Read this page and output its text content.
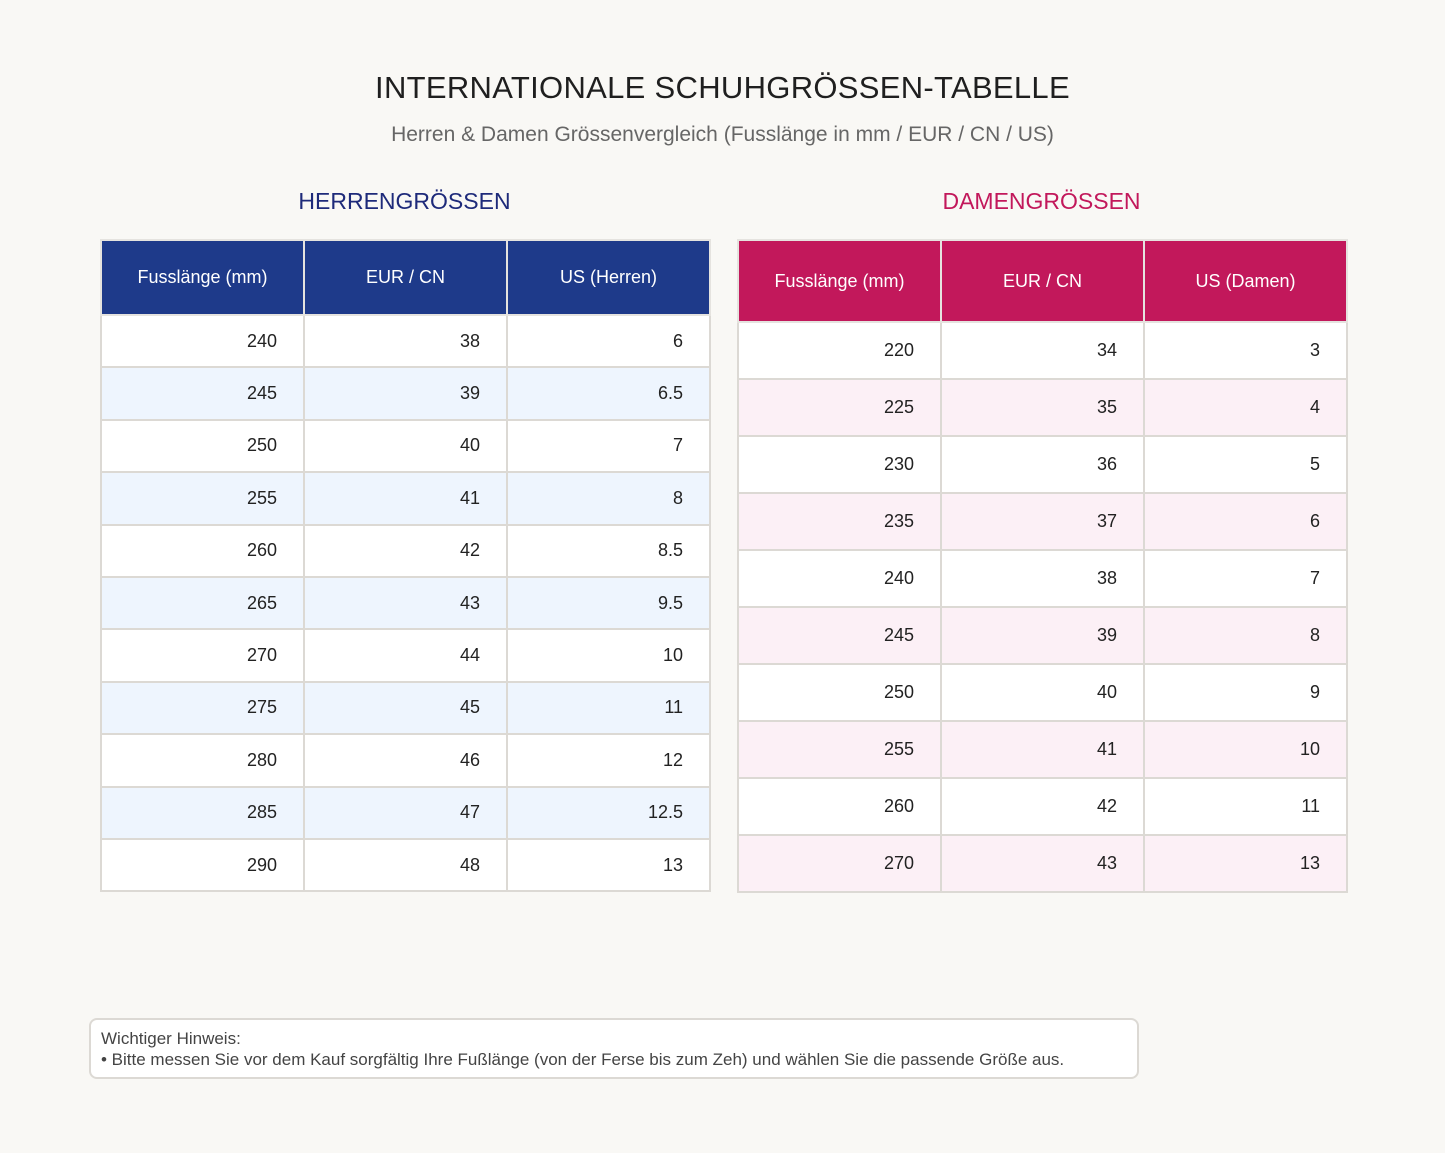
INTERNATIONALE SCHUHGRÖSSEN-TABELLE
Herren & Damen Grössenvergleich (Fusslänge in mm / EUR / CN / US)
HERRENGRÖSSEN	DAMENGRÖSSEN
Fusslänge (mm)	EUR / CN	US (Herren)
240	38	6
245	39	6.5
250	40	7
255	41	8
260	42	8.5
265	43	9.5
270	44	10
275	45	11
280	46	12
285	47	12.5
290	48	13
Fusslänge (mm)	EUR / CN	US (Damen)
220	34	3
225	35	4
230	36	5
235	37	6
240	38	7
245	39	8
250	40	9
255	41	10
260	42	11
270	43	13
Wichtiger Hinweis:
• Bitte messen Sie vor dem Kauf sorgfältig Ihre Fußlänge (von der Ferse bis zum Zeh) und wählen Sie die passende Größe aus.
